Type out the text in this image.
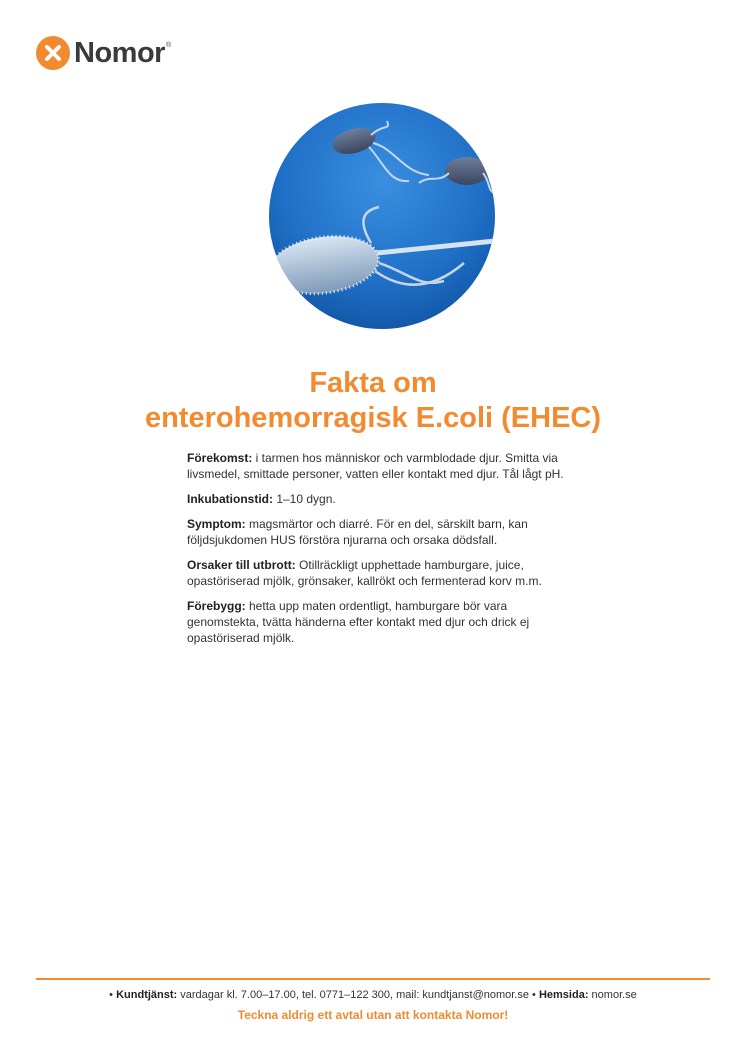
Nomor ®
Fakta om
enterohemorragisk E.coli (EHEC)

Förekomst: i tarmen hos människor och varmblodade djur. Smitta via livsmedel, smittade personer, vatten eller kontakt med djur. Tål lågt pH.

Inkubationstid: 1–10 dygn.

Symptom: magsmärtor och diarré. För en del, särskilt barn, kan följdsjukdomen HUS förstöra njurarna och orsaka dödsfall.

Orsaker till utbrott: Otillräckligt upphettade hamburgare, juice, opastöriserad mjölk, grönsaker, kallrökt och fermenterad korv m.m.

Förebygg: hetta upp maten ordentligt, hamburgare bör vara genomstekta, tvätta händerna efter kontakt med djur och drick ej opastöriserad mjölk.

• Kundtjänst: vardagar kl. 7.00–17.00, tel. 0771–122 300, mail: kundtjanst@nomor.se • Hemsida: nomor.se
Teckna aldrig ett avtal utan att kontakta Nomor!
